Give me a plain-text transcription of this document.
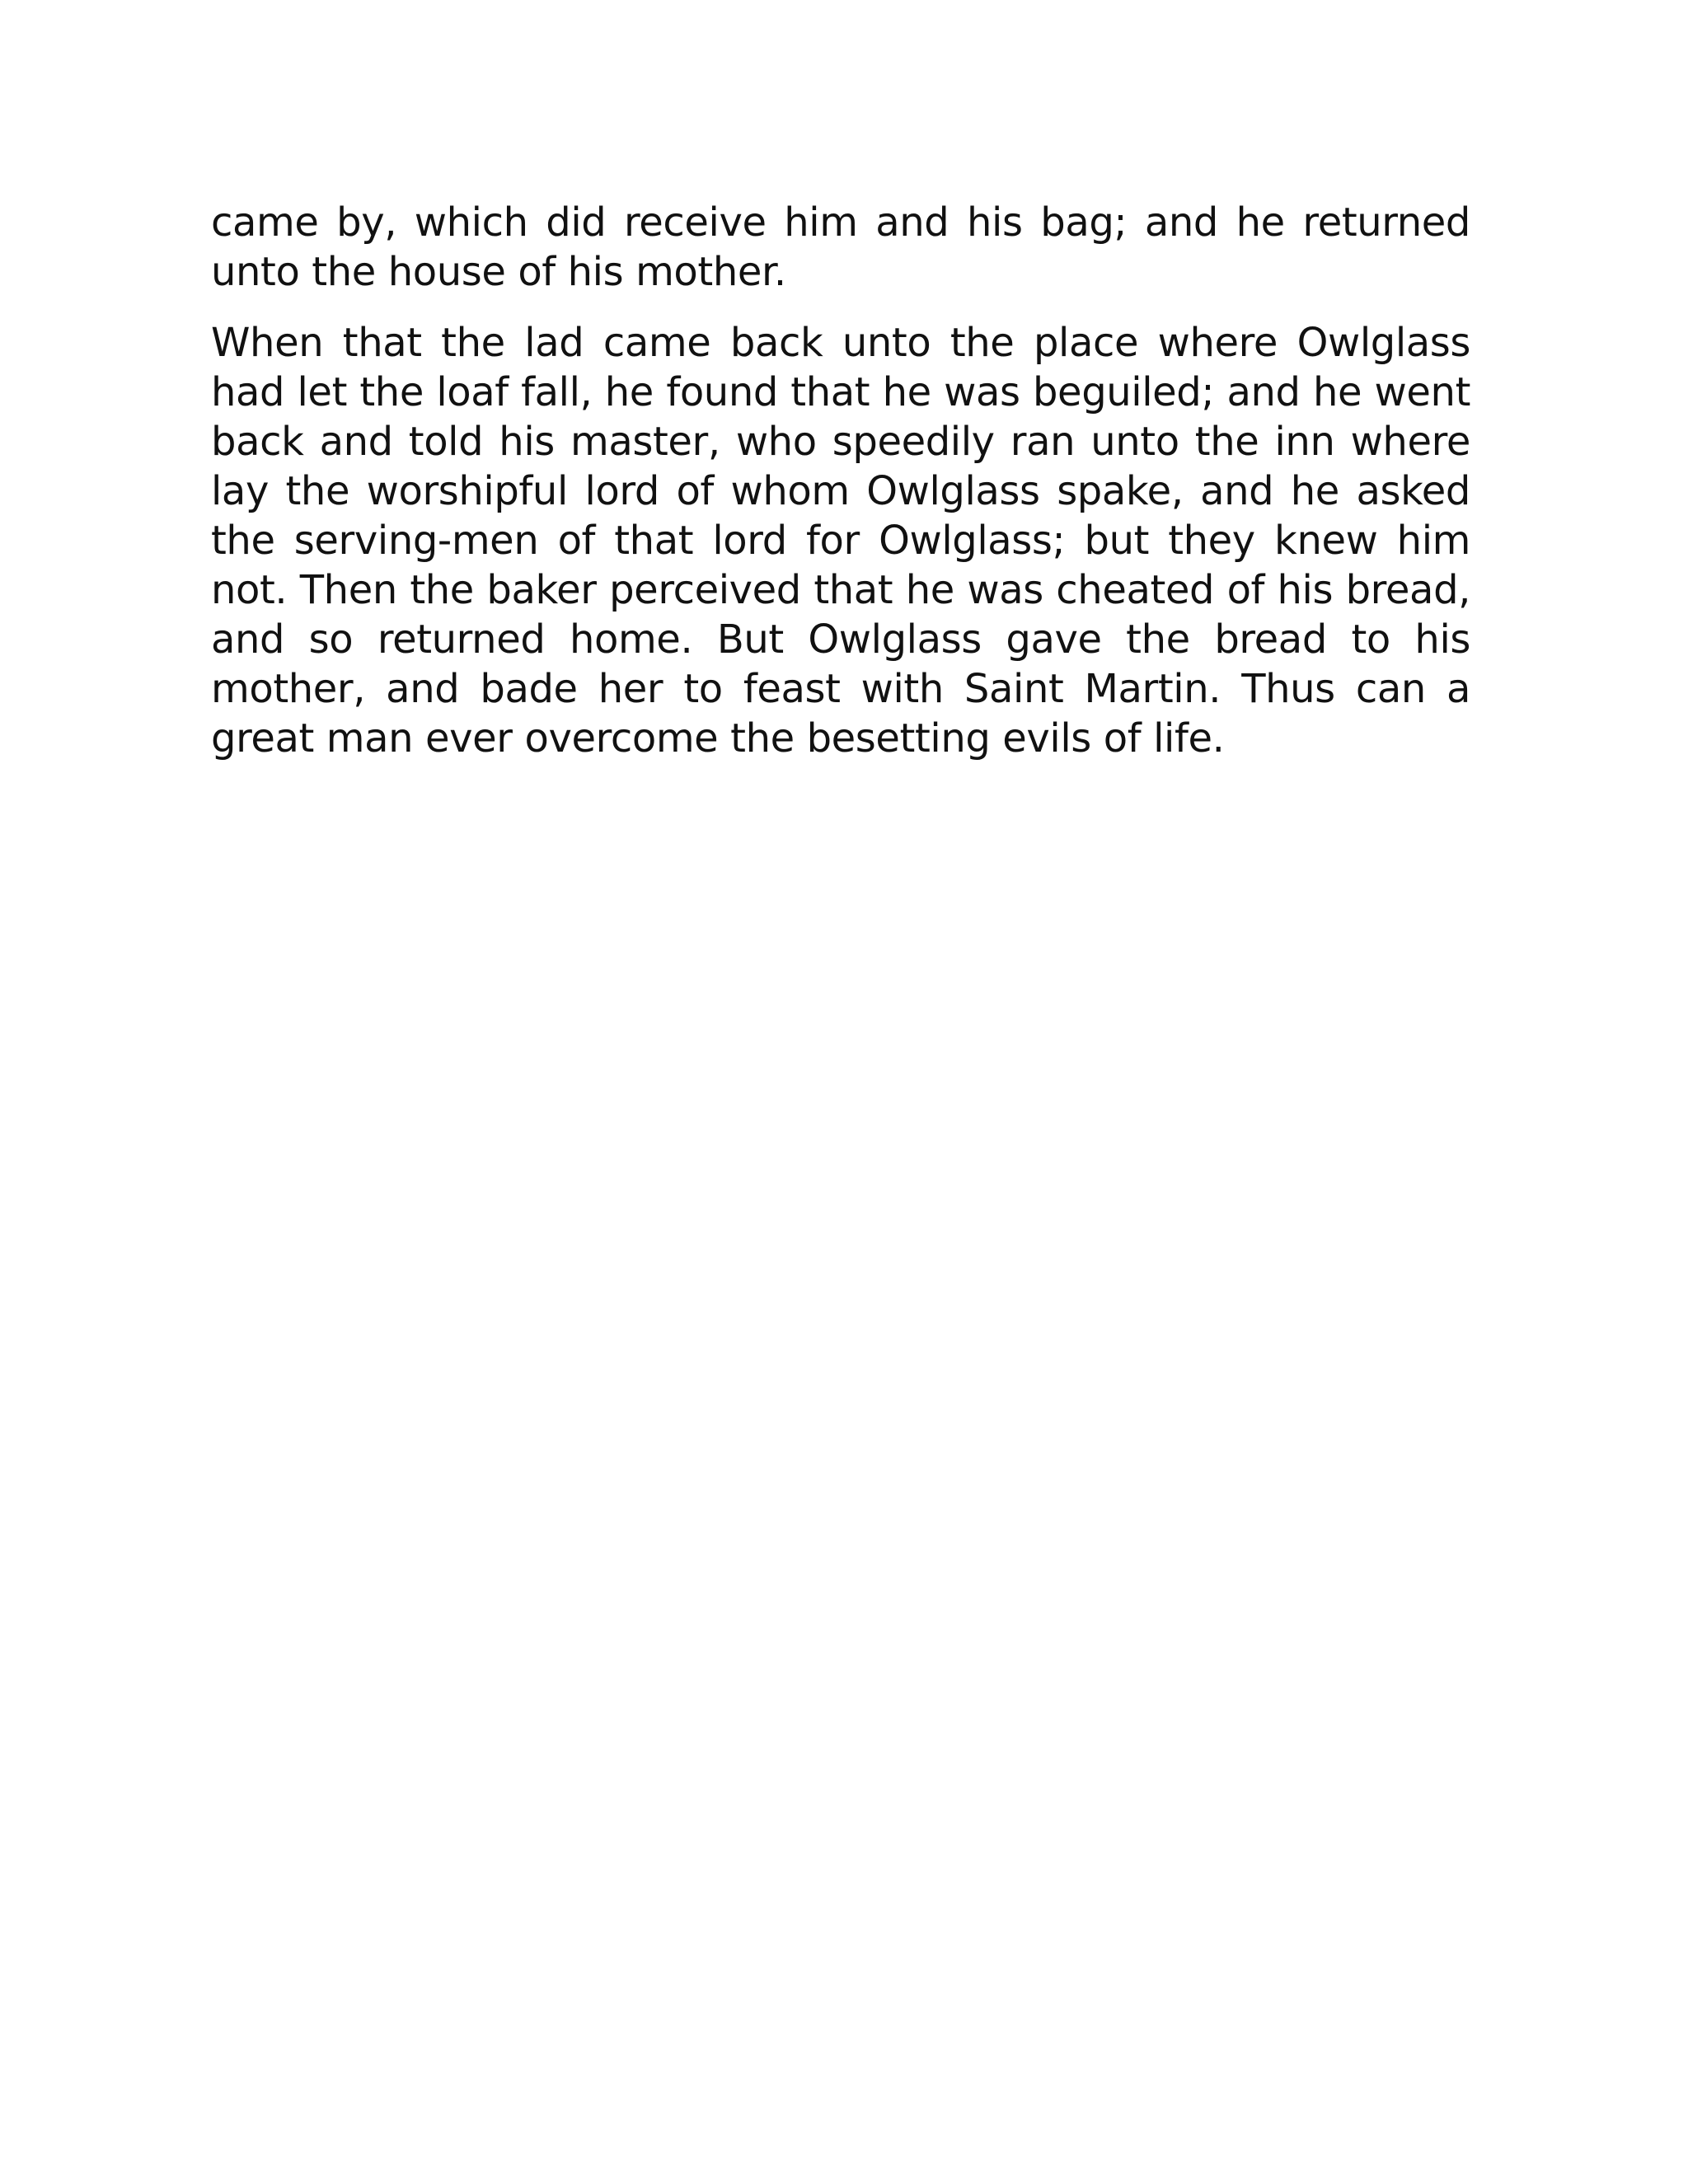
came by, which did receive him and his bag; and he returned unto the house of his mother.

When that the lad came back unto the place where Owlglass had let the loaf fall, he found that he was beguiled; and he went back and told his master, who speedily ran unto the inn where lay the worshipful lord of whom Owlglass spake, and he asked the serving-men of that lord for Owlglass; but they knew him not. Then the baker perceived that he was cheated of his bread, and so returned home. But Owlglass gave the bread to his mother, and bade her to feast with Saint Martin. Thus can a great man ever overcome the besetting evils of life.
